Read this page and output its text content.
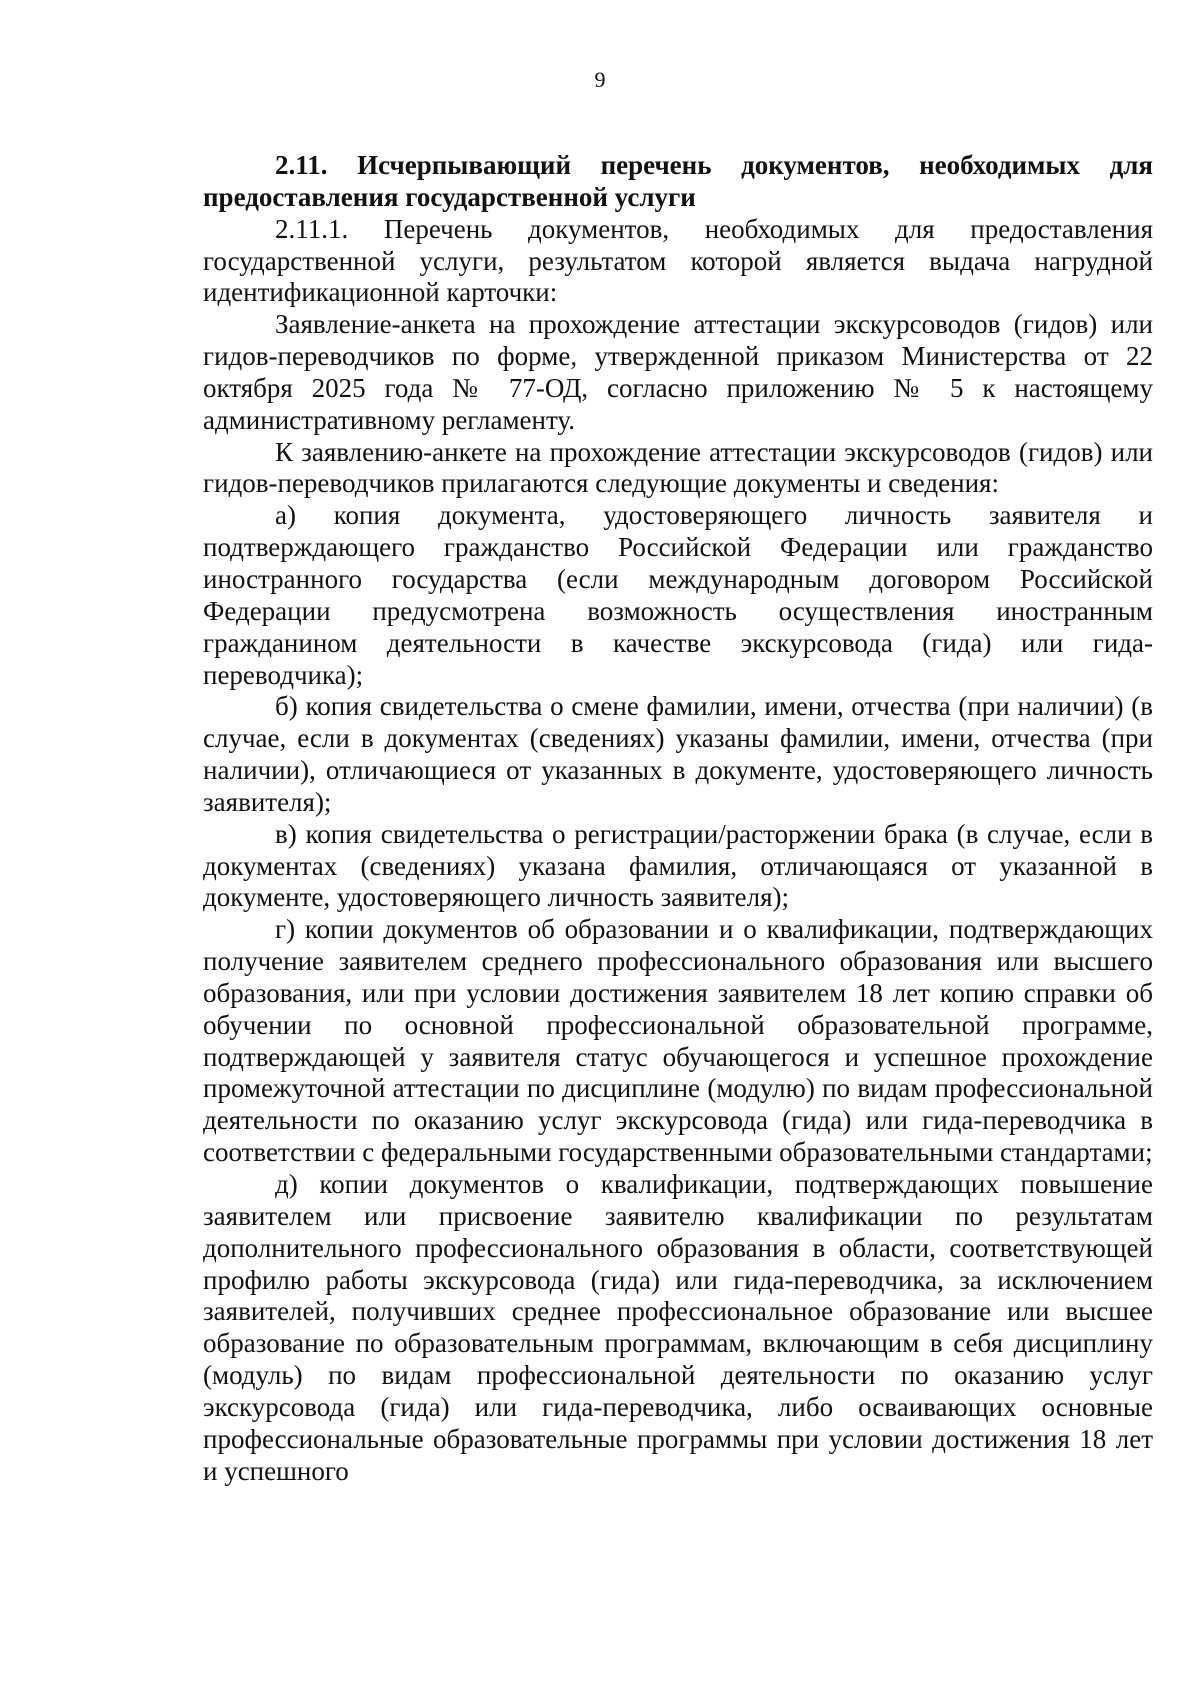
9

2.11. Исчерпывающий перечень документов, необходимых для предоставления государственной услуги

2.11.1. Перечень документов, необходимых для предоставления государственной услуги, результатом которой является выдача нагрудной идентификационной карточки:

Заявление-анкета на прохождение аттестации экскурсоводов (гидов) или гидов-переводчиков по форме, утвержденной приказом Министерства от 22 октября 2025 года № 77-ОД, согласно приложению № 5 к настоящему административному регламенту.

К заявлению-анкете на прохождение аттестации экскурсоводов (гидов) или гидов-переводчиков прилагаются следующие документы и сведения:

а) копия документа, удостоверяющего личность заявителя и подтверждающего гражданство Российской Федерации или гражданство иностранного государства (если международным договором Российской Федерации предусмотрена возможность осуществления иностранным гражданином деятельности в качестве экскурсовода (гида) или гида-переводчика);

б) копия свидетельства о смене фамилии, имени, отчества (при наличии) (в случае, если в документах (сведениях) указаны фамилии, имени, отчества (при наличии), отличающиеся от указанных в документе, удостоверяющего личность заявителя);

в) копия свидетельства о регистрации/расторжении брака (в случае, если в документах (сведениях) указана фамилия, отличающаяся от указанной в документе, удостоверяющего личность заявителя);

г) копии документов об образовании и о квалификации, подтверждающих получение заявителем среднего профессионального образования или высшего образования, или при условии достижения заявителем 18 лет копию справки об обучении по основной профессиональной образовательной программе, подтверждающей у заявителя статус обучающегося и успешное прохождение промежуточной аттестации по дисциплине (модулю) по видам профессиональной деятельности по оказанию услуг экскурсовода (гида) или гида-переводчика в соответствии с федеральными государственными образовательными стандартами;

д) копии документов о квалификации, подтверждающих повышение заявителем или присвоение заявителю квалификации по результатам дополнительного профессионального образования в области, соответствующей профилю работы экскурсовода (гида) или гида-переводчика, за исключением заявителей, получивших среднее профессиональное образование или высшее образование по образовательным программам, включающим в себя дисциплину (модуль) по видам профессиональной деятельности по оказанию услуг экскурсовода (гида) или гида-переводчика, либо осваивающих основные профессиональные образовательные программы при условии достижения 18 лет и успешного
